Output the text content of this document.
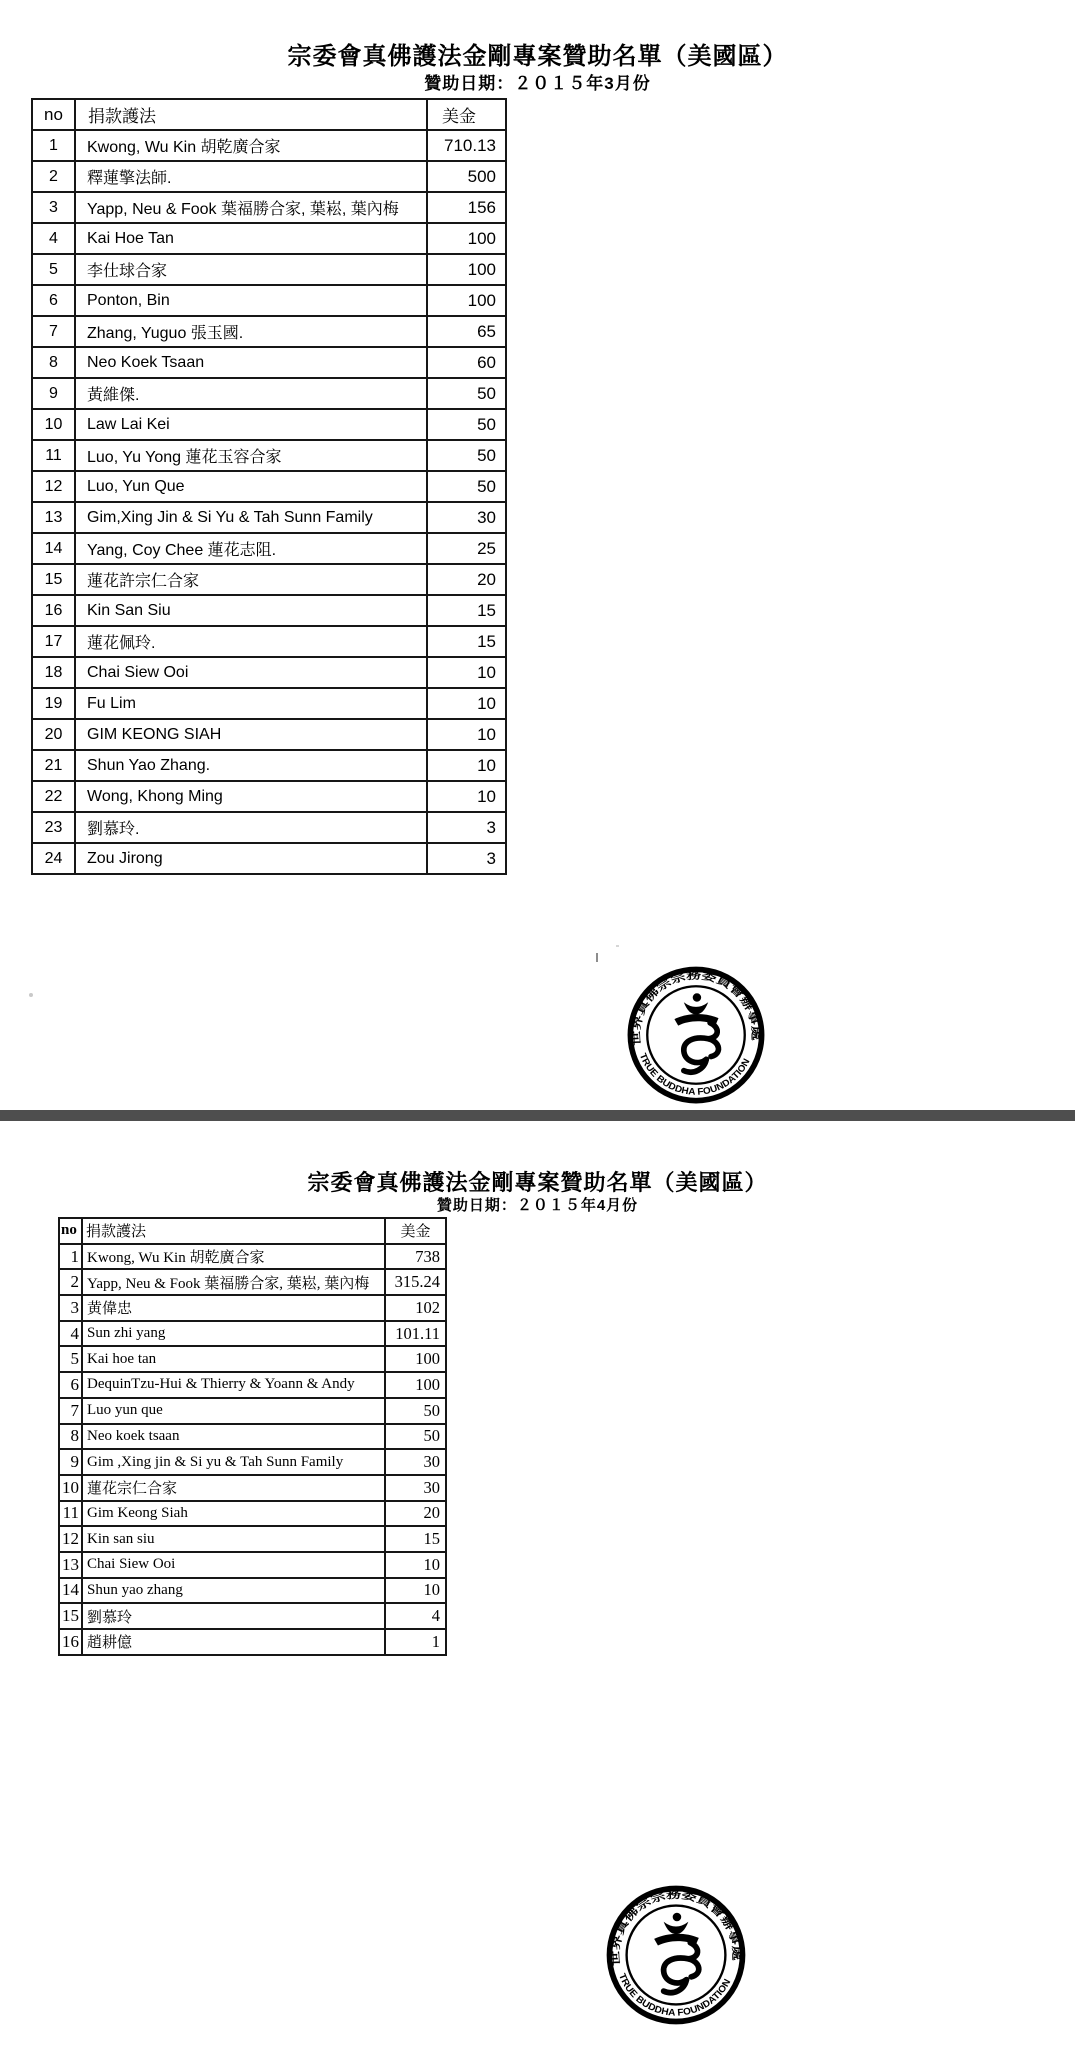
宗委會真佛護法金剛專案贊助名單（美國區）
贊助日期：２０１５年3月份
no	捐款護法	美金
1	Kwong, Wu Kin 胡乾廣合家	710.13
2	釋蓮擎法師.	500
3	Yapp, Neu & Fook 葉福勝合家, 葉崧, 葉內梅	156
4	Kai Hoe Tan	100
5	李仕球合家	100
6	Ponton, Bin	100
7	Zhang, Yuguo 張玉國.	65
8	Neo Koek Tsaan	60
9	黃維傑.	50
10	Law Lai Kei	50
11	Luo, Yu Yong 蓮花玉容合家	50
12	Luo, Yun Que	50
13	Gim,Xing Jin & Si Yu & Tah Sunn Family	30
14	Yang, Coy Chee 蓮花志阻.	25
15	蓮花許宗仁合家	20
16	Kin San Siu	15
17	蓮花佩玲.	15
18	Chai Siew Ooi	10
19	Fu Lim	10
20	GIM KEONG SIAH	10
21	Shun Yao Zhang.	10
22	Wong, Khong Ming	10
23	劉慕玲.	3
24	Zou Jirong	3
世界真佛宗宗務委員會辦事處
TRUE BUDDHA FOUNDATION
宗委會真佛護法金剛專案贊助名單（美國區）
贊助日期：２０１５年4月份
no	捐款護法	美金
1	Kwong, Wu Kin 胡乾廣合家	738
2	Yapp, Neu & Fook 葉福勝合家, 葉崧, 葉內梅	315.24
3	黄偉忠	102
4	Sun zhi yang	101.11
5	Kai hoe tan	100
6	DequinTzu-Hui & Thierry & Yoann & Andy	100
7	Luo yun que	50
8	Neo koek tsaan	50
9	Gim ,Xing jin & Si yu & Tah Sunn Family	30
10	蓮花宗仁合家	30
11	Gim Keong Siah	20
12	Kin san siu	15
13	Chai Siew Ooi	10
14	Shun yao zhang	10
15	劉慕玲	4
16	趙耕億	1
世界真佛宗宗務委員會辦事處
TRUE BUDDHA FOUNDATION
